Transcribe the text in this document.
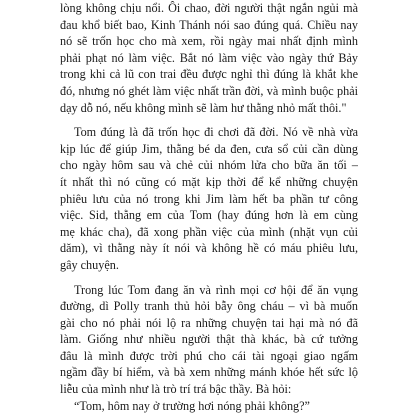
lòng không chịu nổi. Ôi chao, đời người thật ngắn ngủi mà
đau khổ biết bao, Kinh Thánh nói sao đúng quá. Chiều nay
nó sẽ trốn học cho mà xem, rồi ngày mai nhất định mình
phải phạt nó làm việc. Bắt nó làm việc vào ngày thứ Bảy
trong khi cả lũ con trai đều được nghỉ thì đúng là khắt khe
đó, nhưng nó ghét làm việc nhất trần đời, và mình buộc phải
dạy dỗ nó, nếu không mình sẽ làm hư thằng nhỏ mất thôi."
Tom đúng là đã trốn học đi chơi đã đời. Nó về nhà vừa
kịp lúc để giúp Jim, thằng bé da đen, cưa sổ củi cần dùng
cho ngày hôm sau và chẻ củi nhóm lửa cho bữa ăn tối –
ít nhất thì nó cũng có mặt kịp thời để kể những chuyện
phiêu lưu của nó trong khi Jim làm hết ba phần tư công
việc. Sid, thằng em của Tom (hay đúng hơn là em cùng
mẹ khác cha), đã xong phần việc của mình (nhặt vụn củi
dăm), vì thằng này ít nói và không hề có máu phiêu lưu,
gây chuyện.
Trong lúc Tom đang ăn và rình mọi cơ hội để ăn vụng
đường, dì Polly tranh thủ hỏi bẫy ông cháu – vì bà muốn
gài cho nó phải nói lộ ra những chuyện tai hại mà nó đã
làm. Giống như nhiều người thật thà khác, bà cứ tưởng
đâu là mình được trời phú cho cái tài ngoại giao ngấm
ngầm đầy bí hiểm, và bà xem những mánh khóe hết sức lộ
liễu của mình như là trò trí trá bậc thầy. Bà hỏi:
“Tom, hôm nay ở trường hơi nóng phải không?”
